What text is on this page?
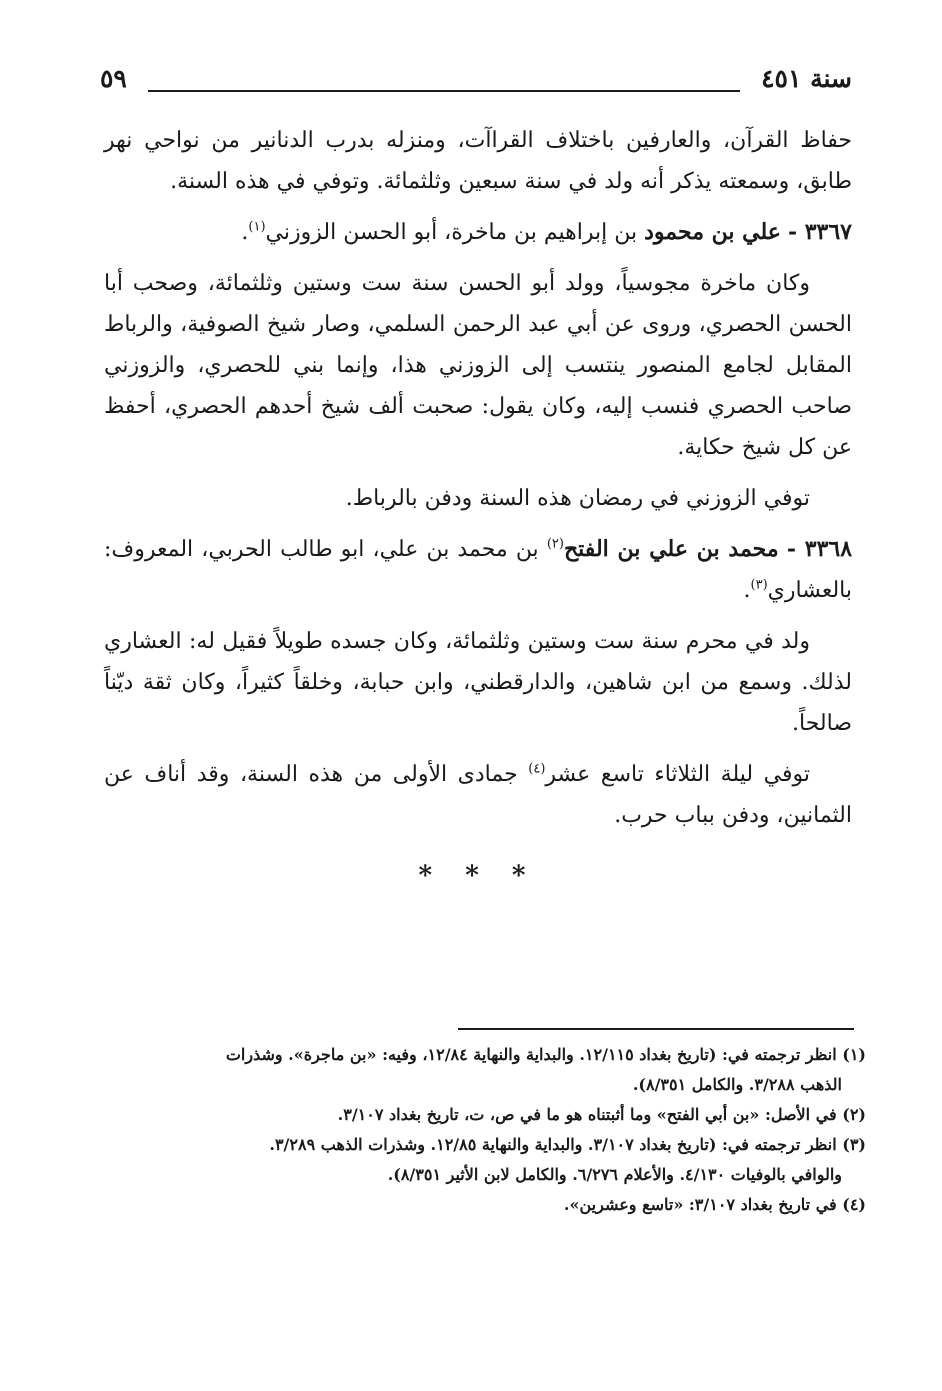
سنة ٤٥١
٥٩

حفاظ القرآن، والعارفين باختلاف القراآت، ومنزله بدرب الدنانير من نواحي نهر طابق، وسمعته يذكر أنه ولد في سنة سبعين وثلثمائة. وتوفي في هذه السنة.

٣٣٦٧ - علي بن محمود بن إبراهيم بن ماخرة، أبو الحسن الزوزني$^{(١)}$.

وكان ماخرة مجوسياً، وولد أبو الحسن سنة ست وستين وثلثمائة، وصحب أبا الحسن الحصري، وروى عن أبي عبد الرحمن السلمي، وصار شيخ الصوفية، والرباط المقابل لجامع المنصور ينتسب إلى الزوزني هذا، وإنما بني للحصري، والزوزني صاحب الحصري فنسب إليه، وكان يقول: صحبت ألف شيخ أحدهم الحصري، أحفظ عن كل شيخ حكاية.

توفي الزوزني في رمضان هذه السنة ودفن بالرباط.

٣٣٦٨ - محمد بن علي بن الفتح$^{(٢)}$ بن محمد بن علي، ابو طالب الحربي، المعروف: بالعشاري$^{(٣)}$.

ولد في محرم سنة ست وستين وثلثمائة، وكان جسده طويلاً فقيل له: العشاري لذلك. وسمع من ابن شاهين، والدارقطني، وابن حبابة، وخلقاً كثيراً، وكان ثقة ديّناً صالحاً.

توفي ليلة الثلاثاء تاسع عشر$^{(٤)}$ جمادى الأولى من هذه السنة، وقد أناف عن الثمانين، ودفن بباب حرب.

* * *

(١) انظر ترجمته في: (تاريخ بغداد ١٢/١١٥. والبداية والنهاية ١٢/٨٤، وفيه: «بن ماجرة». وشذرات
الذهب ٣/٢٨٨. والكامل ٨/٣٥١).

(٢) في الأصل: «بن أبي الفتح» وما أثبتناه هو ما في ص، ت، تاريخ بغداد ٣/١٠٧.

(٣) انظر ترجمته في: (تاريخ بغداد ٣/١٠٧. والبداية والنهاية ١٢/٨٥. وشذرات الذهب ٣/٢٨٩.
والوافي بالوفيات ٤/١٣٠. والأعلام ٦/٢٧٦. والكامل لابن الأثير ٨/٣٥١).

(٤) في تاريخ بغداد ٣/١٠٧: «تاسع وعشرين».
